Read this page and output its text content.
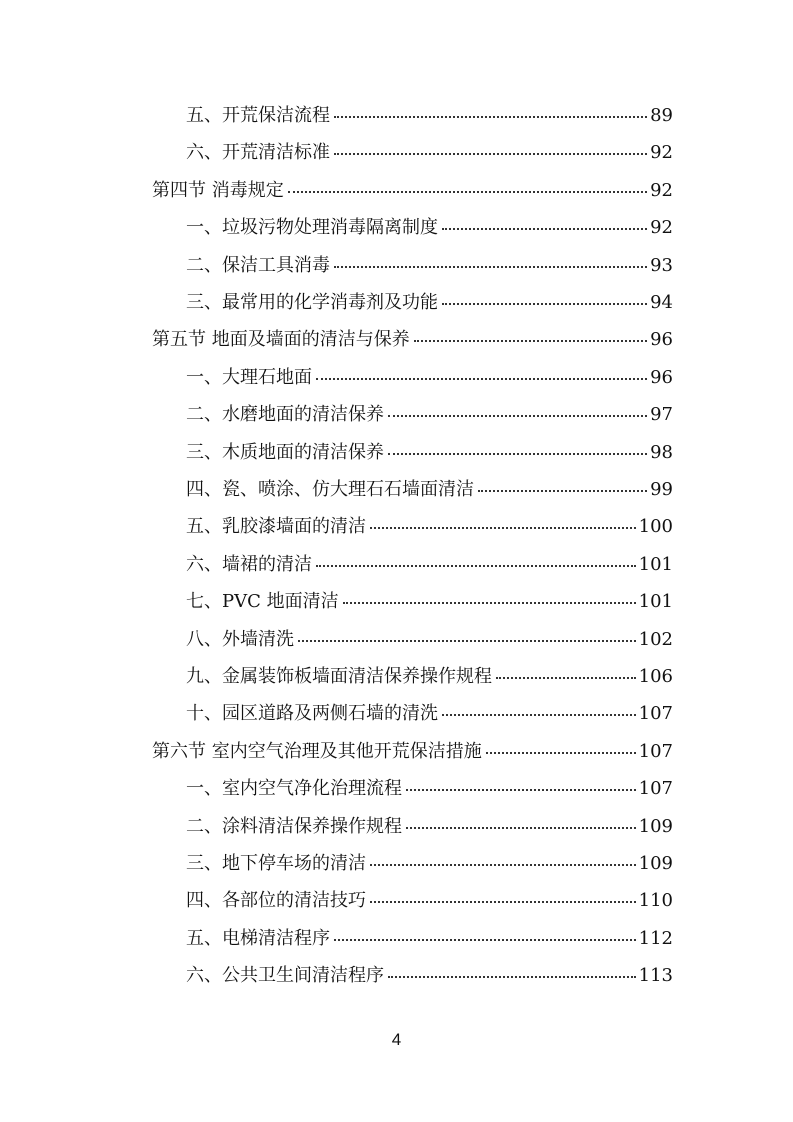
五、开荒保洁流程	89
六、开荒清洁标准	92
第四节 消毒规定	92
一、垃圾污物处理消毒隔离制度	92
二、保洁工具消毒	93
三、最常用的化学消毒剂及功能	94
第五节 地面及墙面的清洁与保养	96
一、大理石地面	96
二、水磨地面的清洁保养	97
三、木质地面的清洁保养	98
四、瓷、喷涂、仿大理石石墙面清洁	99
五、乳胶漆墙面的清洁	100
六、墙裙的清洁	101
七、PVC 地面清洁	101
八、外墙清洗	102
九、金属装饰板墙面清洁保养操作规程	106
十、园区道路及两侧石墙的清洗	107
第六节 室内空气治理及其他开荒保洁措施	107
一、室内空气净化治理流程	107
二、涂料清洁保养操作规程	109
三、地下停车场的清洁	109
四、各部位的清洁技巧	110
五、电梯清洁程序	112
六、公共卫生间清洁程序	113
4
